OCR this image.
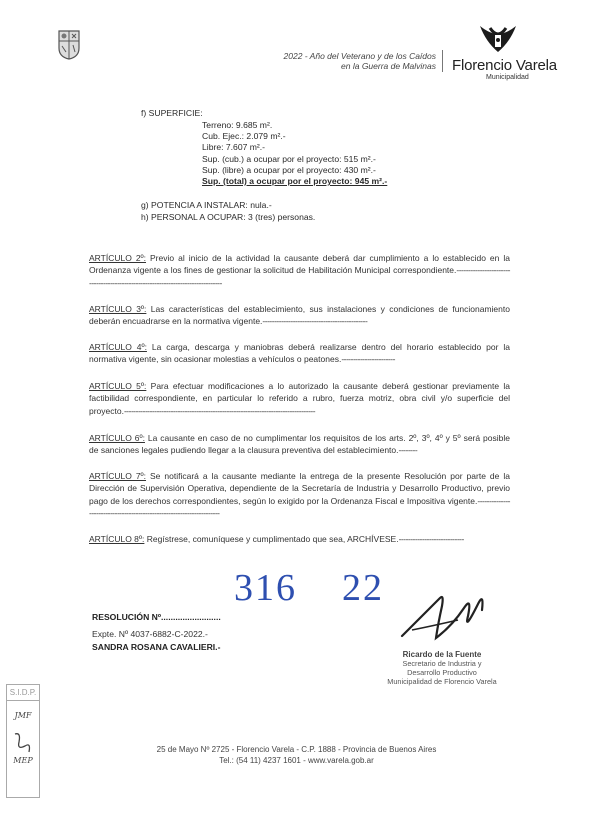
2022 - Año del Veterano y de los Caídos
en la Guerra de Malvinas Florencio Varela
Municipalidad
f) SUPERFICIE:
Terreno: 9.685 m².
Cub. Ejec.: 2.079 m².-
Libre: 7.607 m².-
Sup. (cub.) a ocupar por el proyecto: 515 m².-
Sup. (libre) a ocupar por el proyecto: 430 m².-
Sup. (total) a ocupar por el proyecto: 945 m².-
g) POTENCIA A INSTALAR: nula.-
h) PERSONAL A OCUPAR: 3 (tres) personas.
ARTÍCULO 2º: Previo al inicio de la actividad la causante deberá dar cumplimiento a lo establecido en la Ordenanza vigente a los fines de gestionar la solicitud de Habilitación Municipal correspondiente.--------------------------------------------------------------------------------
ARTÍCULO 3º: Las características del establecimiento, sus instalaciones y condiciones de funcionamiento deberán encuadrarse en la normativa vigente.---------------------------------------------
ARTÍCULO 4º: La carga, descarga y maniobras deberá realizarse dentro del horario establecido por la normativa vigente, sin ocasionar molestias a vehículos o peatones.-----------------------
ARTÍCULO 5º: Para efectuar modificaciones a lo autorizado la causante deberá gestionar previamente la factibilidad correspondiente, en particular lo referido a rubro, fuerza motriz, obra civil y/o superficie del proyecto.----------------------------------------------------------------------------------
ARTÍCULO 6º: La causante en caso de no cumplimentar los requisitos de los arts. 2º, 3º, 4º y 5º será posible de sanciones legales pudiendo llegar a la clausura preventiva del establecimiento.--------
ARTÍCULO 7º: Se notificará a la causante mediante la entrega de la presente Resolución por parte de la Dirección de Supervisión Operativa, dependiente de la Secretaría de Industria y Desarrollo Productivo, previo pago de los derechos correspondientes, según lo exigido por la Ordenanza Fiscal e Impositiva vigente.----------------------------------------------------------------------
ARTÍCULO 8º: Regístrese, comuníquese y cumplimentado que sea, ARCHÍVESE.----------------------------
316 22
RESOLUCIÓN Nº.........................
Expte. Nº 4037-6882-C-2022.-
SANDRA ROSANA CAVALIERI.-
Ricardo de la Fuente
Secretario de Industria y
Desarrollo Productivo
Municipalidad de Florencio Varela
S.I.D.P.
JMF
MEP
25 de Mayo Nº 2725 - Florencio Varela - C.P. 1888 - Provincia de Buenos Aires
Tel.: (54 11) 4237 1601 - www.varela.gob.ar
